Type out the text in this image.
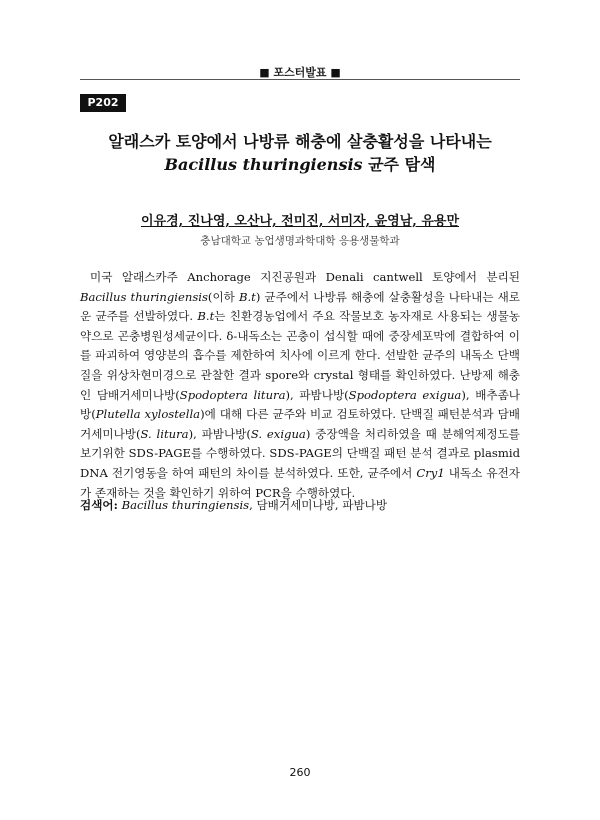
■ 포스터발표 ■
P202
알래스카 토양에서 나방류 해충에 살충활성을 나타내는
Bacillus thuringiensis 균주 탐색
이유경, 진나영, 오산나, 전미진, 서미자, 윤영남, 유용만
충남대학교 농업생명과학대학 응용생물학과

미국 알래스카주 Anchorage 지진공원과 Denali cantwell 토양에서 분리된 Bacillus thuringiensis(이하 B.t) 균주에서 나방류 해충에 살충활성을 나타내는 새로운 균주를 선발하였다. B.t는 친환경농업에서 주요 작물보호 농자재로 사용되는 생물농약으로 곤충병원성세균이다. δ-내독소는 곤충이 섭식할 때에 중장세포막에 결합하여 이를 파괴하여 영양분의 흡수를 제한하여 치사에 이르게 한다. 선발한 균주의 내독소 단백질을 위상차현미경으로 관찰한 결과 spore와 crystal 형태를 확인하였다. 난방제 해충인 담배거세미나방(Spodoptera litura), 파밤나방(Spodoptera exigua), 배추좀나방(Plutella xylostella)에 대해 다른 균주와 비교 검토하였다. 단백질 패턴분석과 담배거세미나방(S. litura), 파밤나방(S. exigua) 중장액을 처리하였을 때 분해억제정도를 보기위한 SDS-PAGE를 수행하였다. SDS-PAGE의 단백질 패턴 분석 결과로 plasmid DNA 전기영동을 하여 패턴의 차이를 분석하였다. 또한, 균주에서 Cry1 내독소 유전자가 존재하는 것을 확인하기 위하여 PCR을 수행하였다.

검색어: Bacillus thuringiensis, 담배거세미나방, 파밤나방
260
